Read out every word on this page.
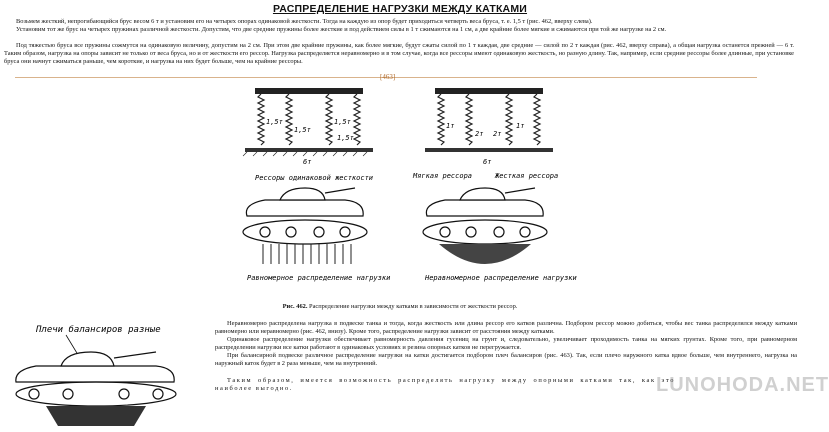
РАСПРЕДЕЛЕНИЕ НАГРУЗКИ МЕЖДУ КАТКАМИ

Возьмем жесткий, непрогибающийся брус весом 6 т и установим его на четырех опорах одинаковой жесткости. Тогда на каждую из опор будет приходиться четверть веса бруса, т. е. 1,5 т (рис. 462, вверху слева).

Установим тот же брус на четырех пружинах различной жесткости. Допустим, что две средние пружины более жесткие и под действием силы в 1 т сжимаются на 1 см, а две крайние более мягкие и сжимаются при той же нагрузке на 2 см.

Под тяжестью бруса все пружины сожмутся на одинаковую величину, допустим на 2 см. При этом две крайние пружины, как более мягкие, будут сжаты силой по 1 т каждая, две средние — силой по 2 т каждая (рис. 462, вверху справа), а общая нагрузка останется прежней — 6 т. Таким образом, нагрузка на опоры зависит не только от веса бруса, но и от жесткости его рессор. Нагрузка распределяется неравномерно и в том случае, когда все рессоры имеют одинаковую жесткость, но разную длину. Так, например, если средние рессоры более длинные, при установке бруса они начнут сжиматься раньше, чем короткие, и нагрузка на них будет больше, чем на крайние рессоры.

[463]
1,5т
1,5т
1,5т
1,5т
6т
1т
2т 2т
1т
6т
Рессоры одинаковой жесткости	Мягкая рессора	Жесткая рессора
Равномерное распределение нагрузки	Неравномерное распределение нагрузки
Рис. 462. Распределение нагрузки между катками в зависимости от жесткости рессор.
Плечи балансиров разные

Неравномерно распределена нагрузка в подвеске танка и тогда, когда жесткость или длина рессор его катков различна. Подбором рессор можно добиться, чтобы вес танка распределялся между катками равномерно или неравномерно (рис. 462, внизу). Кроме того, распределение нагрузки зависит от расстояния между катками.

Одинаковое распределение нагрузки обеспечивает равномерность давления гусениц на грунт и, следовательно, увеличивает проходимость танка на мягких грунтах. Кроме того, при равномерном распределении нагрузки все катки работают в одинаковых условиях и резина опорных катков не перегружается.

При балансирной подвеске различное распределение нагрузки на катки достигается подбором плеч балансиров (рис. 463). Так, если плечо наружного катка вдвое больше, чем внутреннего, нагрузка на наружный каток будет в 2 раза меньше, чем на внутренний.

Таким образом, имеется возможность распределять нагрузку между опорными катками так, как это наиболее выгодно.	LUNOHODA.NET
